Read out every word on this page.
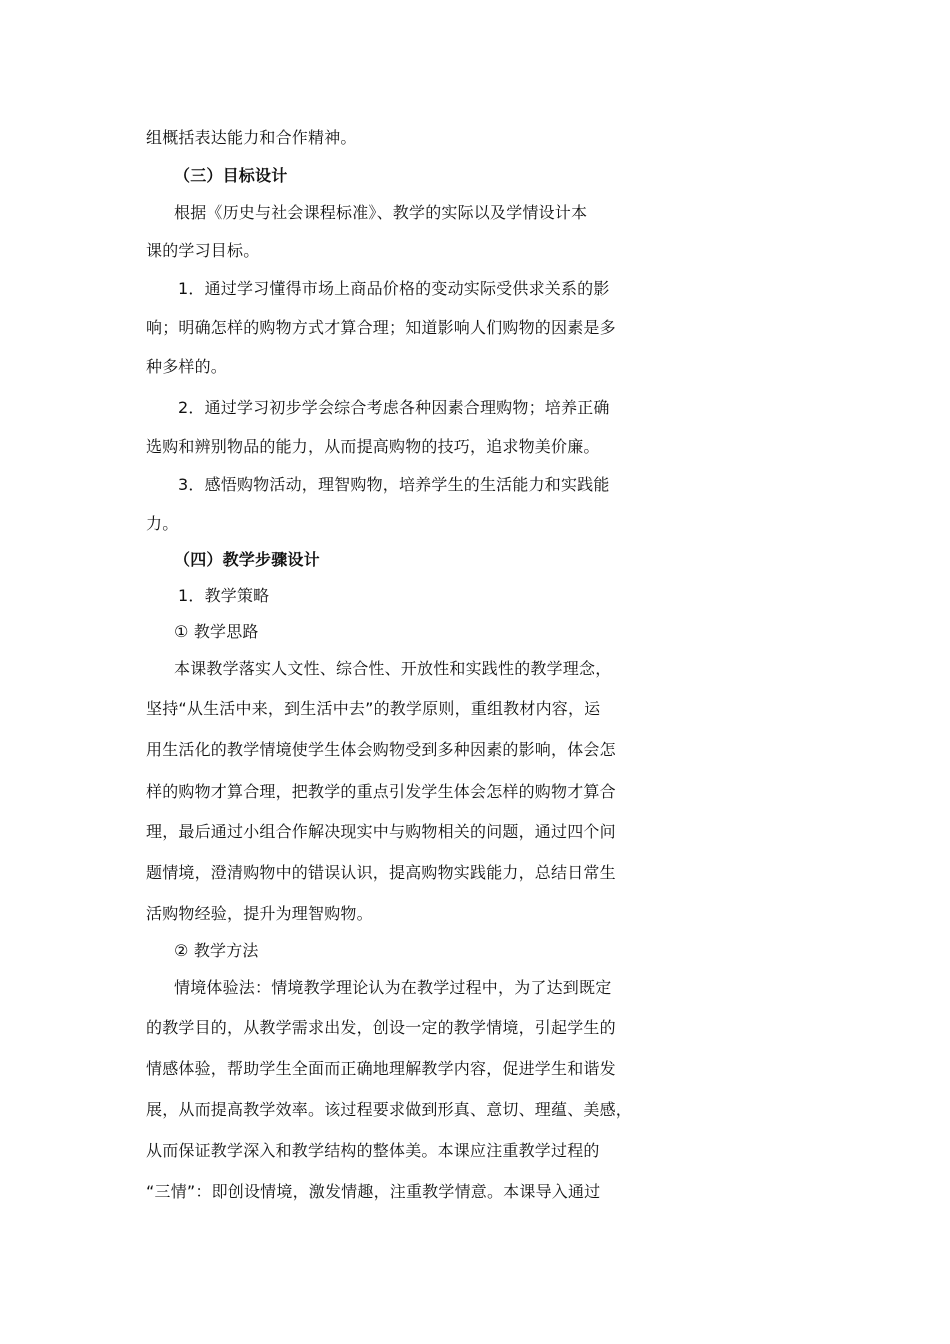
组概括表达能力和合作精神。
（三）目标设计
根据《历史与社会课程标准》、教学的实际以及学情设计本
课的学习目标。
1．通过学习懂得市场上商品价格的变动实际受供求关系的影
响；明确怎样的购物方式才算合理；知道影响人们购物的因素是多
种多样的。
2．通过学习初步学会综合考虑各种因素合理购物；培养正确
选购和辨别物品的能力，从而提高购物的技巧，追求物美价廉。
3．感悟购物活动，理智购物，培养学生的生活能力和实践能
力。
（四）教学步骤设计
1．教学策略
① 教学思路
本课教学落实人文性、综合性、开放性和实践性的教学理念，
坚持“从生活中来，到生活中去”的教学原则，重组教材内容，运
用生活化的教学情境使学生体会购物受到多种因素的影响，体会怎
样的购物才算合理，把教学的重点引发学生体会怎样的购物才算合
理，最后通过小组合作解决现实中与购物相关的问题，通过四个问
题情境，澄清购物中的错误认识，提高购物实践能力，总结日常生
活购物经验，提升为理智购物。
② 教学方法
情境体验法：情境教学理论认为在教学过程中，为了达到既定
的教学目的，从教学需求出发，创设一定的教学情境，引起学生的
情感体验，帮助学生全面而正确地理解教学内容，促进学生和谐发
展，从而提高教学效率。该过程要求做到形真、意切、理蕴、美感，
从而保证教学深入和教学结构的整体美。本课应注重教学过程的
“三情”：即创设情境，激发情趣，注重教学情意。本课导入通过
